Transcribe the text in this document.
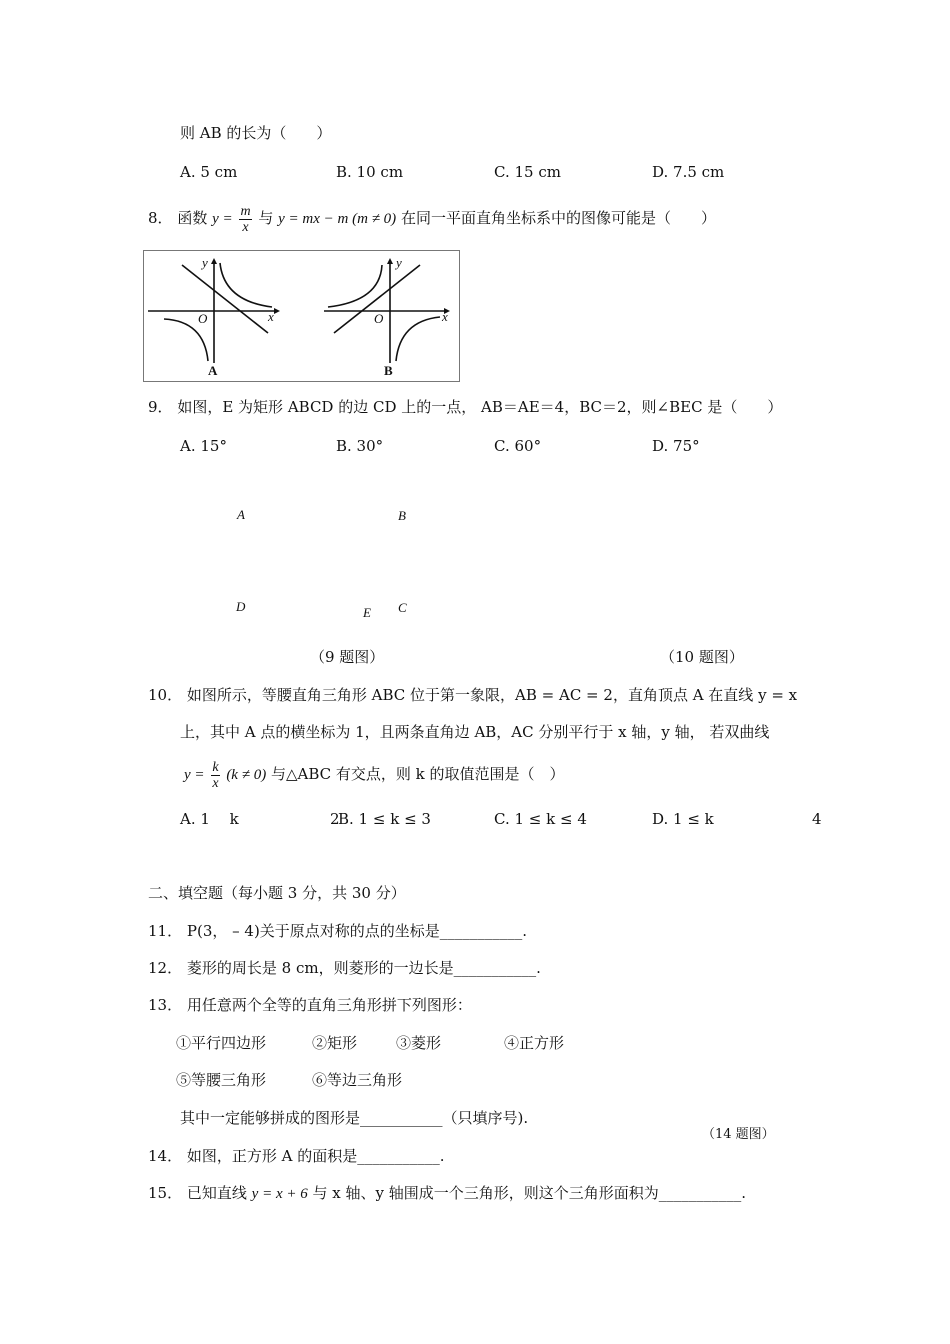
则 AB 的长为（　　）
A. 5 cm	B. 10 cm	C. 15 cm	D. 7.5 cm
8． 函数 $y = \frac{m}{x}$ 与 y = mx − m (m ≠ 0) 在同一平面直角坐标系中的图像可能是（　　）
y
O	x
A
y
O	x
B
9． 如图，E 为矩形 ABCD 的边 CD 上的一点， AB＝AE＝4，BC＝2，则∠BEC 是（　　）
A. 15°	B. 30°	C. 60°	D. 75°
A	B
D	E C
（9 题图）	（10 题图）
10． 如图所示，等腰直角三角形 ABC 位于第一象限，AB = AC = 2，直角顶点 A 在直线 y = x
上，其中 A 点的横坐标为 1，且两条直角边 AB，AC 分别平行于 x 轴，y 轴， 若双曲线
$y = \frac{k}{x} (k \ne 0)$ 与△ABC 有交点，则 k 的取值范围是（　）
A. 1　 k	2
B. 1 ≤ k ≤ 3	C. 1 ≤ k ≤ 4	D. 1 ≤ k	4
二、填空题（每小题 3 分，共 30 分）
11． P(3， – 4)关于原点对称的点的坐标是___________.
12． 菱形的周长是 8 cm，则菱形的一边长是___________.
13． 用任意两个全等的直角三角形拼下列图形：
①平行四边形	②矩形	③菱形	④正方形
⑤等腰三角形	⑥等边三角形
其中一定能够拼成的图形是___________（只填序号).
（14 题图）
14． 如图，正方形 A 的面积是___________.
15． 已知直线 y = x + 6 与 x 轴、y 轴围成一个三角形，则这个三角形面积为___________.
